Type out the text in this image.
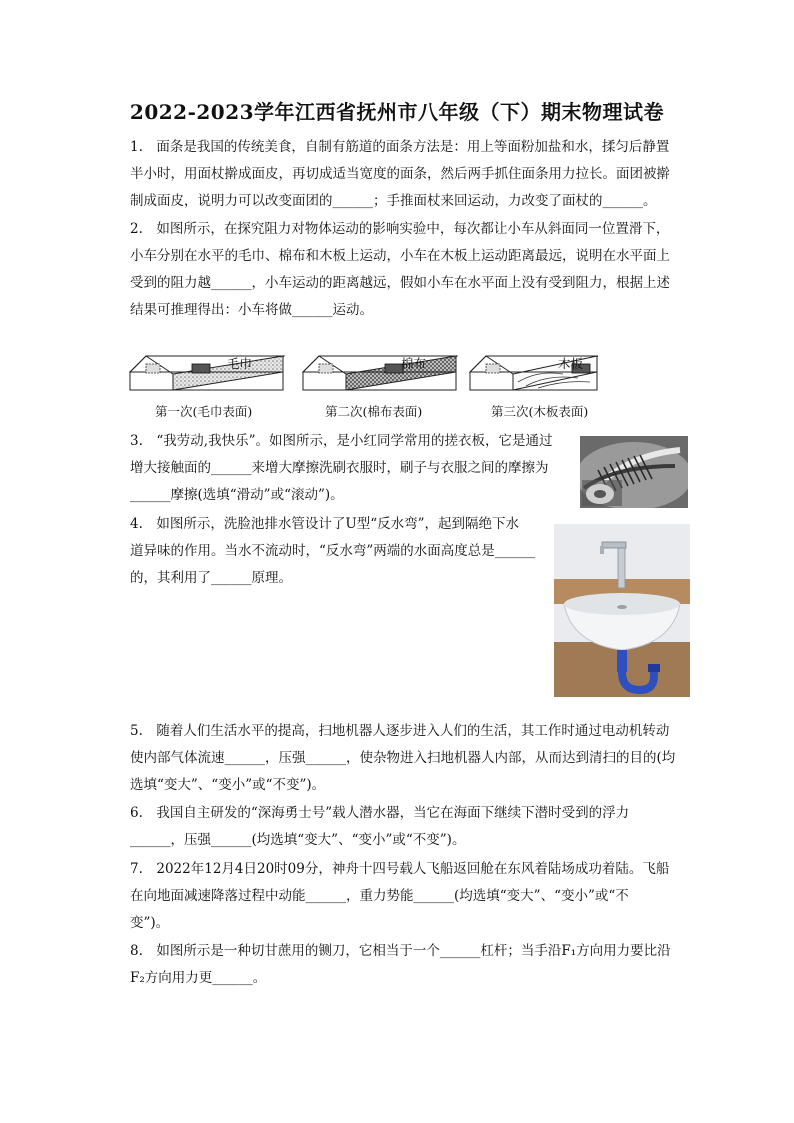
2022-2023学年江西省抚州市八年级（下）期末物理试卷
1.　面条是我国的传统美食，自制有筋道的面条方法是：用上等面粉加盐和水，揉匀后静置
半小时，用面杖擀成面皮，再切成适当宽度的面条，然后两手抓住面条用力拉长。面团被擀
制成面皮，说明力可以改变面团的______；手推面杖来回运动，力改变了面杖的______。
2.　如图所示，在探究阻力对物体运动的影响实验中，每次都让小车从斜面同一位置滑下，
小车分别在水平的毛巾、棉布和木板上运动，小车在木板上运动距离最远，说明在水平面上
受到的阻力越______，小车运动的距离越远，假如小车在水平面上没有受到阻力，根据上述
结果可推理得出：小车将做______运动。
毛巾	棉布	木板
第一次(毛巾表面)	第二次(棉布表面)	第三次(木板表面)
3.　“我劳动,我快乐”。如图所示，是小红同学常用的搓衣板，它是通过
增大接触面的______来增大摩擦洗刷衣服时，刷子与衣服之间的摩擦为
______摩擦(选填“滑动”或“滚动”)。
4.　如图所示，洗脸池排水管设计了U型“反水弯”，起到隔绝下水
道异味的作用。当水不流动时，“反水弯”两端的水面高度总是______
的，其利用了______原理。
5.　随着人们生活水平的提高，扫地机器人逐步进入人们的生活，其工作时通过电动机转动
使内部气体流速______，压强______，使杂物进入扫地机器人内部，从而达到清扫的目的(均
选填“变大”、“变小”或“不变”)。
6.　我国自主研发的“深海勇士号”载人潜水器，当它在海面下继续下潜时受到的浮力
______，压强______(均选填“变大”、“变小”或“不变”)。
7.　2022年12月4日20时09分，神舟十四号载人飞船返回舱在东风着陆场成功着陆。飞船
在向地面减速降落过程中动能______，重力势能______(均选填“变大”、“变小”或“不
变”)。
8.　如图所示是一种切甘蔗用的铡刀，它相当于一个______杠杆；当手沿F₁方向用力要比沿
F₂方向用力更______。
